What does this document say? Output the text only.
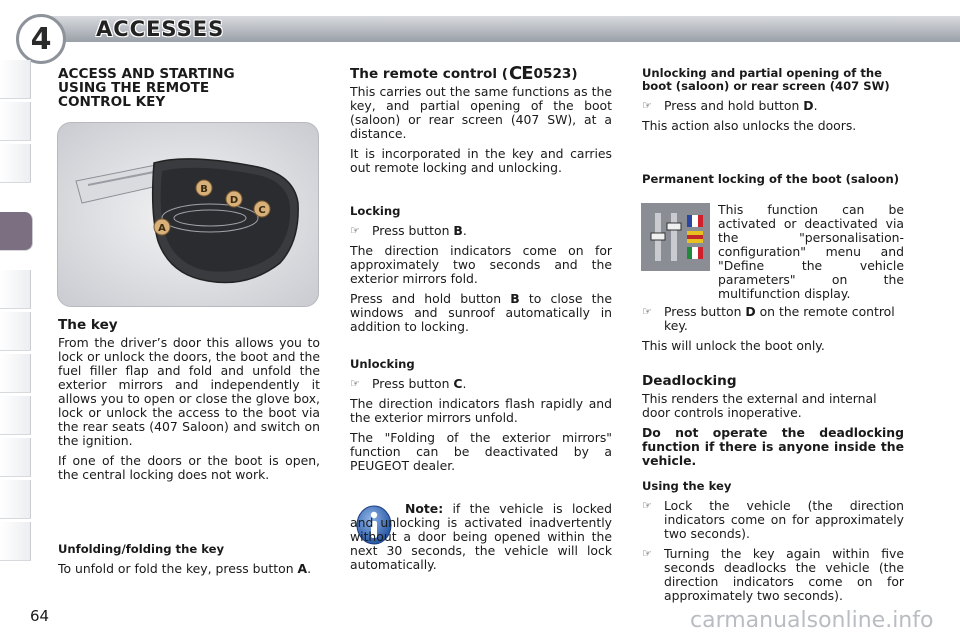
4	ACCESSES
ACCESS AND STARTING
USING THE REMOTE
CONTROL KEY
B
D
C
A
The key

From the driver’s door this allows you to lock or unlock the doors, the boot and the fuel filler flap and fold and unfold the exterior mirrors and independently it allows you to open or close the glove box, lock or unlock the access to the boot via the rear seats (407 Saloon) and switch on the ignition.

If one of the doors or the boot is open, the central locking does not work.

Unfolding/folding the key

To unfold or fold the key, press button A.

The remote control ( CE 0523)

This carries out the same functions as the key, and partial opening of the boot (saloon) or rear screen (407 SW), at a distance.

It is incorporated in the key and carries out remote locking and unlocking.

Locking
☞ Press button B.

The direction indicators come on for approximately two seconds and the exterior mirrors fold.

Press and hold button B to close the windows and sunroof automatically in addition to locking.

Unlocking
☞ Press button C.

The direction indicators flash rapidly and the exterior mirrors unfold.

The "Folding of the exterior mirrors" function can be deactivated by a PEUGEOT dealer.

Note: if the vehicle is locked and unlocking is activated inadvertently without a door being opened within the next 30 seconds, the vehicle will lock automatically.

Unlocking and partial opening of the boot (saloon) or rear screen (407 SW)
☞ Press and hold button D.

This action also unlocks the doors.

Permanent locking of the boot (saloon)

This function can be activated or deactivated via the "personalisation-configuration" menu and "Define the vehicle parameters" on the multifunction display.

☞ Press button D on the remote control key.

This will unlock the boot only.

Deadlocking

This renders the external and internal door controls inoperative.

Do not operate the deadlocking function if there is anyone inside the vehicle.

Using the key
☞ Lock the vehicle (the direction indicators come on for approximately two seconds).
☞ Turning the key again within five seconds deadlocks the vehicle (the direction indicators come on for approximately two seconds).
64	carmanualsonline.info
